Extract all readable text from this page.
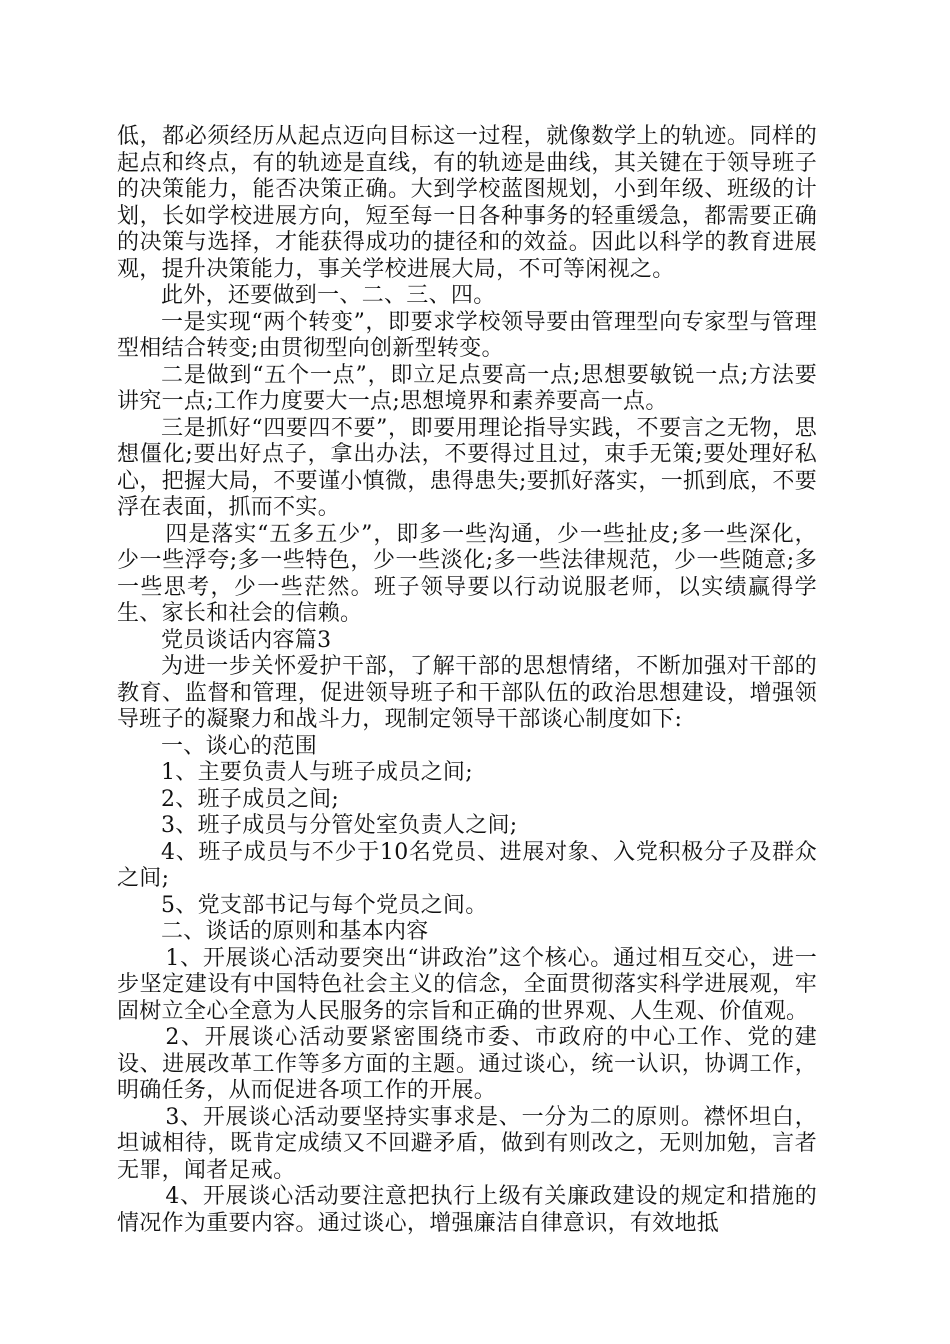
低，都必须经历从起点迈向目标这一过程，就像数学上的轨迹。同样的起点和终点，有的轨迹是直线，有的轨迹是曲线，其关键在于领导班子的决策能力，能否决策正确。大到学校蓝图规划，小到年级、班级的计划，长如学校进展方向，短至每一日各种事务的轻重缓急，都需要正确的决策与选择，才能获得成功的捷径和的效益。因此以科学的教育进展观，提升决策能力，事关学校进展大局，不可等闲视之。

此外，还要做到一、二、三、四。

一是实现“两个转变”，即要求学校领导要由管理型向专家型与管理型相结合转变;由贯彻型向创新型转变。

二是做到“五个一点”，即立足点要高一点;思想要敏锐一点;方法要讲究一点;工作力度要大一点;思想境界和素养要高一点。

三是抓好“四要四不要”，即要用理论指导实践，不要言之无物，思想僵化;要出好点子，拿出办法，不要得过且过，束手无策;要处理好私心，把握大局，不要谨小慎微，患得患失;要抓好落实，一抓到底，不要浮在表面，抓而不实。

四是落实“五多五少”，即多一些沟通，少一些扯皮;多一些深化，少一些浮夸;多一些特色，少一些淡化;多一些法律规范，少一些随意;多一些思考，少一些茫然。班子领导要以行动说服老师，以实绩赢得学生、家长和社会的信赖。

党员谈话内容篇3

为进一步关怀爱护干部，了解干部的思想情绪，不断加强对干部的教育、监督和管理，促进领导班子和干部队伍的政治思想建设，增强领导班子的凝聚力和战斗力，现制定领导干部谈心制度如下:

一、谈心的范围

1、主要负责人与班子成员之间;

2、班子成员之间;

3、班子成员与分管处室负责人之间;

4、班子成员与不少于10名党员、进展对象、入党积极分子及群众之间;

5、党支部书记与每个党员之间。

二、谈话的原则和基本内容

1、开展谈心活动要突出“讲政治”这个核心。通过相互交心，进一步坚定建设有中国特色社会主义的信念，全面贯彻落实科学进展观，牢固树立全心全意为人民服务的宗旨和正确的世界观、人生观、价值观。

2、开展谈心活动要紧密围绕市委、市政府的中心工作、党的建设、进展改革工作等多方面的主题。通过谈心，统一认识，协调工作，明确任务，从而促进各项工作的开展。

3、开展谈心活动要坚持实事求是、一分为二的原则。襟怀坦白，坦诚相待，既肯定成绩又不回避矛盾，做到有则改之，无则加勉，言者无罪，闻者足戒。

4、开展谈心活动要注意把执行上级有关廉政建设的规定和措施的情况作为重要内容。通过谈心，增强廉洁自律意识，有效地抵
